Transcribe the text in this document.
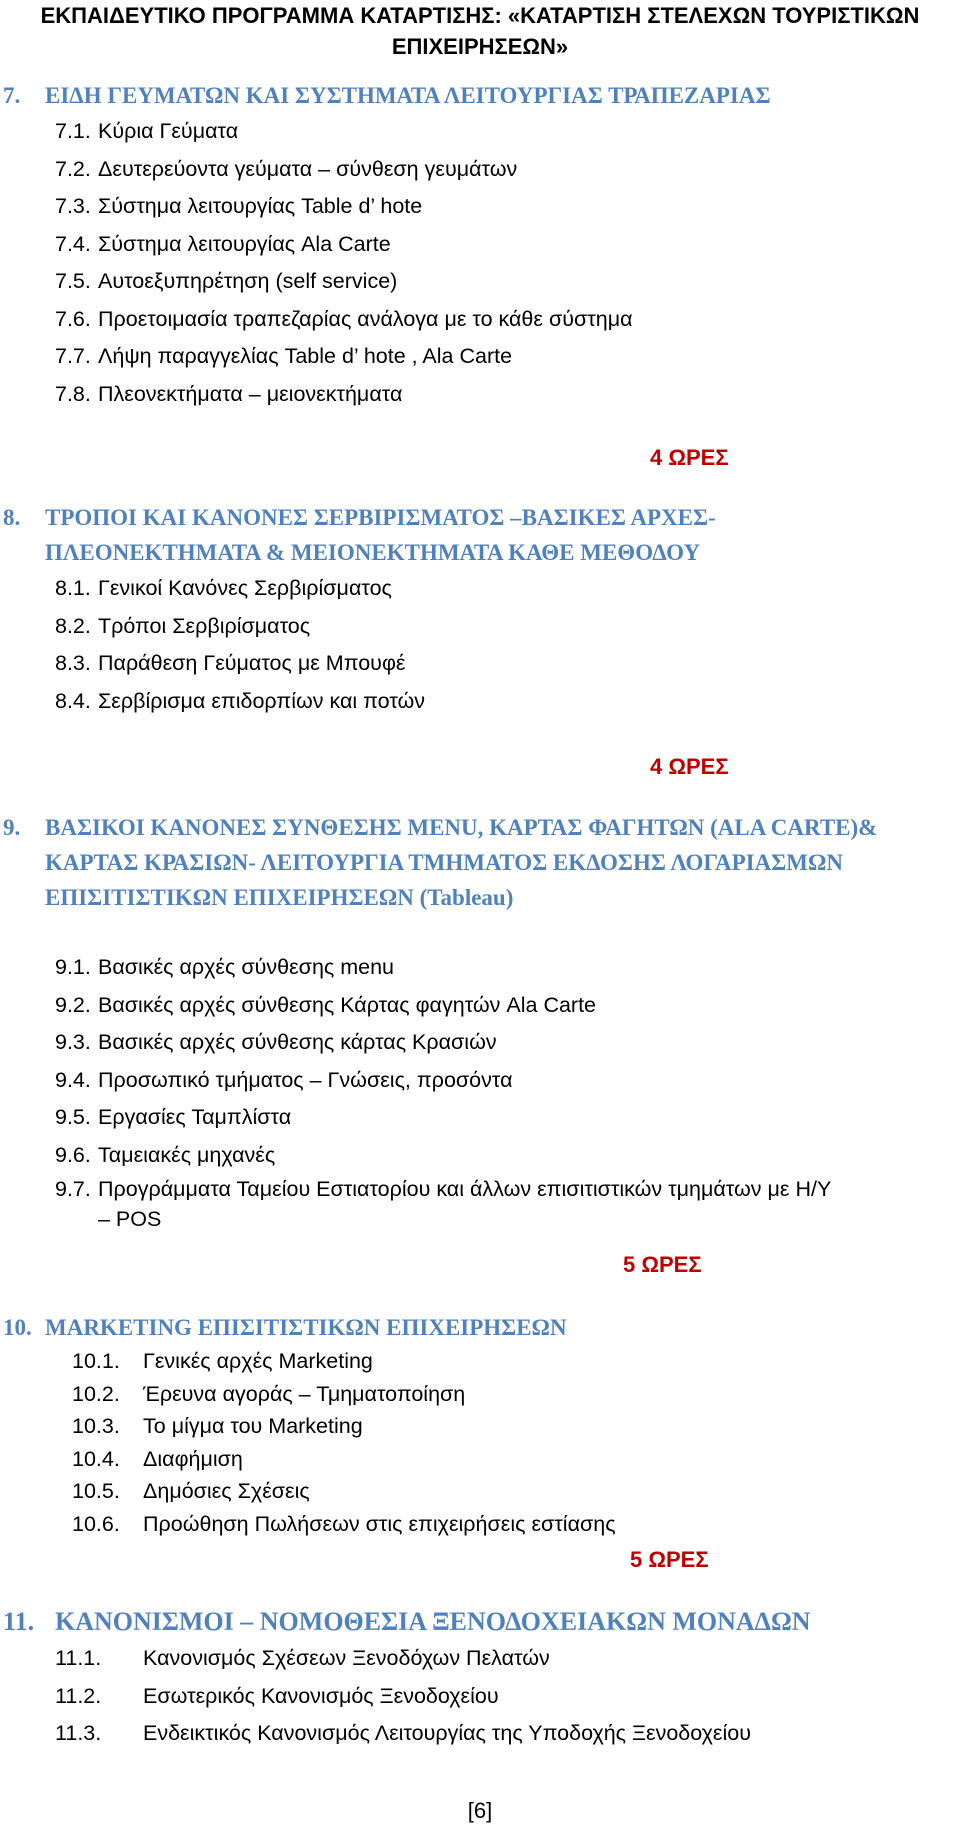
ΕΚΠΑΙΔΕΥΤΙΚΟ ΠΡΟΓΡΑΜΜΑ ΚΑΤΑΡΤΙΣΗΣ: «ΚΑΤΑΡΤΙΣΗ ΣΤΕΛΕΧΩΝ ΤΟΥΡΙΣΤΙΚΩΝ
ΕΠΙΧΕΙΡΗΣΕΩΝ»
7. ΕΙΔΗ ΓΕΥΜΑΤΩΝ ΚΑΙ ΣΥΣΤΗΜΑΤΑ ΛΕΙΤΟΥΡΓΙΑΣ ΤΡΑΠΕΖΑΡΙΑΣ
7.1. Κύρια Γεύματα
7.2. Δευτερεύοντα γεύματα – σύνθεση γευμάτων
7.3. Σύστημα λειτουργίας Table d’ hote
7.4. Σύστημα λειτουργίας Ala Carte
7.5. Αυτοεξυπηρέτηση (self service)
7.6. Προετοιμασία τραπεζαρίας ανάλογα με το κάθε σύστημα
7.7. Λήψη παραγγελίας Table d’ hote , Ala Carte
7.8. Πλεονεκτήματα – μειονεκτήματα
4 ΩΡΕΣ
8. ΤΡΟΠΟΙ ΚΑΙ ΚΑΝΟΝΕΣ ΣΕΡΒΙΡΙΣΜΑΤΟΣ –ΒΑΣΙΚΕΣ ΑΡΧΕΣ-
ΠΛΕΟΝΕΚΤΗΜΑΤΑ & ΜΕΙΟΝΕΚΤΗΜΑΤΑ ΚΑΘΕ ΜΕΘΟΔΟΥ
8.1. Γενικοί Κανόνες Σερβιρίσματος
8.2. Τρόποι Σερβιρίσματος
8.3. Παράθεση Γεύματος με Μπουφέ
8.4. Σερβίρισμα επιδορπίων και ποτών
4 ΩΡΕΣ
9. ΒΑΣΙΚΟΙ ΚΑΝΟΝΕΣ ΣΥΝΘΕΣΗΣ MENU, ΚΑΡΤΑΣ ΦΑΓΗΤΩΝ (ALA CARTE)&
ΚΑΡΤΑΣ ΚΡΑΣΙΩΝ- ΛΕΙΤΟΥΡΓΙΑ ΤΜΗΜΑΤΟΣ ΕΚΔΟΣΗΣ ΛΟΓΑΡΙΑΣΜΩΝ
ΕΠΙΣΙΤΙΣΤΙΚΩΝ ΕΠΙΧΕΙΡΗΣΕΩΝ (Tableau)
9.1. Βασικές αρχές σύνθεσης menu
9.2. Βασικές αρχές σύνθεσης Κάρτας φαγητών Ala Carte
9.3. Βασικές αρχές σύνθεσης κάρτας Κρασιών
9.4. Προσωπικό τμήματος – Γνώσεις, προσόντα
9.5. Εργασίες Ταμπλίστα
9.6. Ταμειακές μηχανές
9.7. Προγράμματα Ταμείου Εστιατορίου και άλλων επισιτιστικών τμημάτων με Η/Υ
– POS
5 ΩΡΕΣ
10. MARKETING ΕΠΙΣΙΤΙΣΤΙΚΩΝ ΕΠΙΧΕΙΡΗΣΕΩΝ
10.1. Γενικές αρχές Marketing
10.2. Έρευνα αγοράς – Τμηματοποίηση
10.3. Το μίγμα του Marketing
10.4. Διαφήμιση
10.5. Δημόσιες Σχέσεις
10.6. Προώθηση Πωλήσεων στις επιχειρήσεις εστίασης
5 ΩΡΕΣ
11. ΚΑΝΟΝΙΣΜΟΙ – ΝΟΜΟΘΕΣΙΑ ΞΕΝΟΔΟΧΕΙΑΚΩΝ ΜΟΝΑΔΩΝ
11.1. Κανονισμός Σχέσεων Ξενοδόχων Πελατών
11.2. Εσωτερικός Κανονισμός Ξενοδοχείου
11.3. Ενδεικτικός Κανονισμός Λειτουργίας της Υποδοχής Ξενοδοχείου
[6]
